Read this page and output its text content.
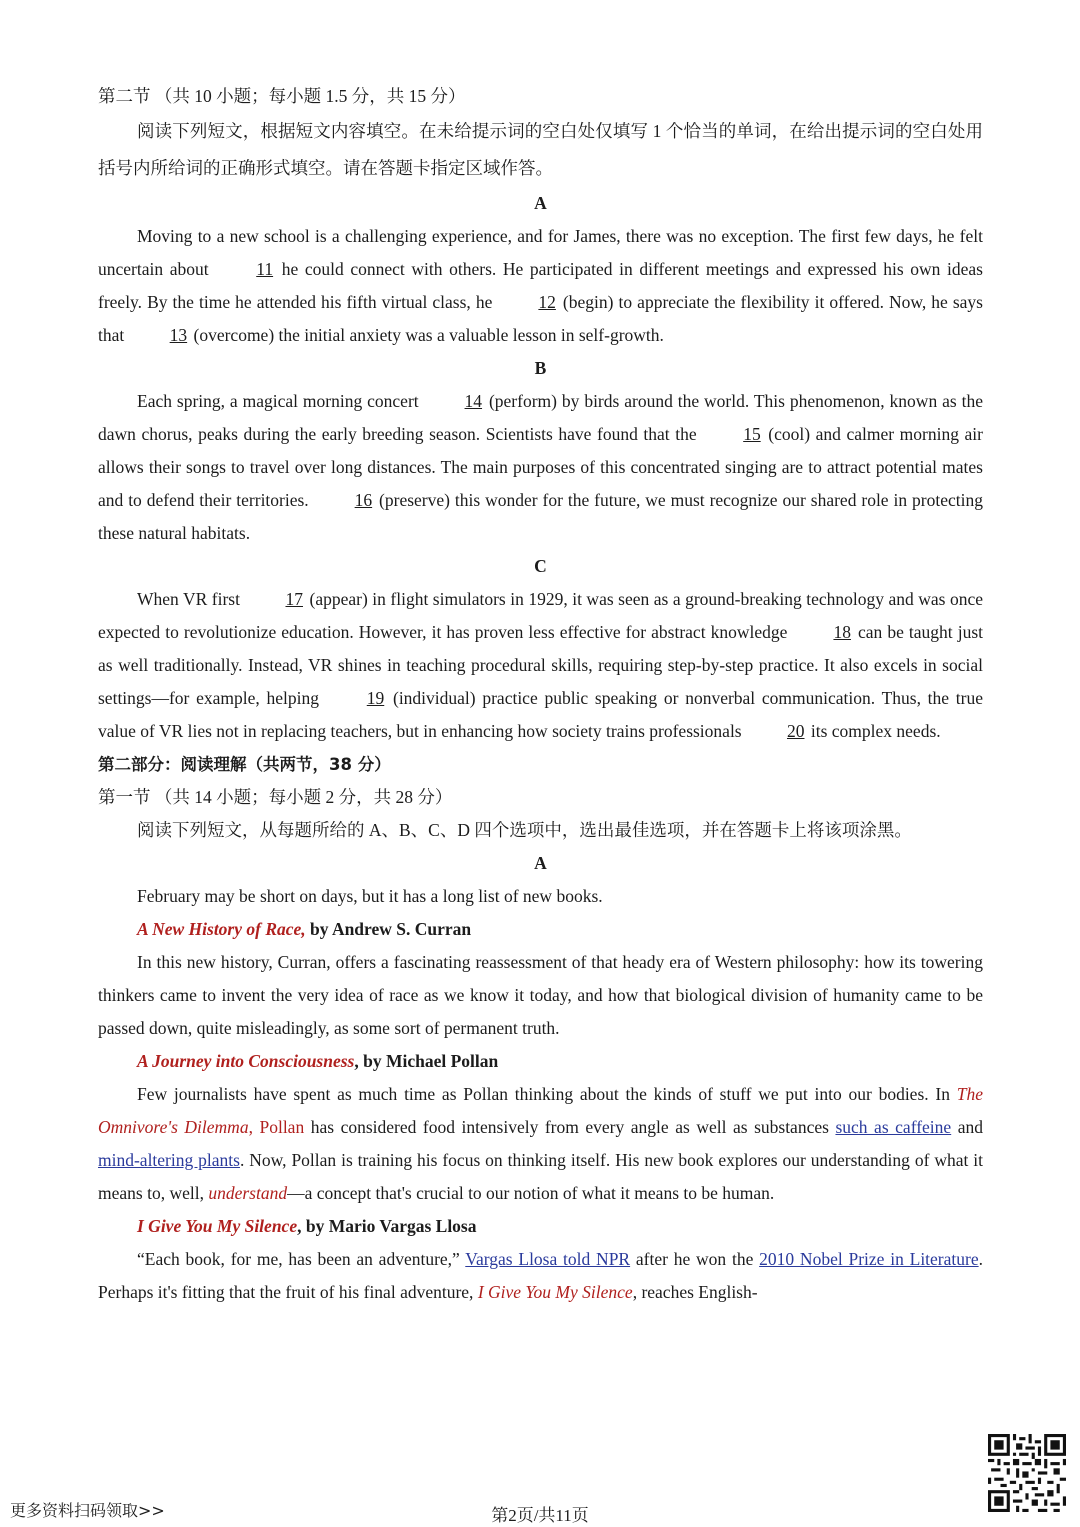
第二节 （共 10 小题；每小题 1.5 分，共 15 分）

阅读下列短文，根据短文内容填空。在未给提示词的空白处仅填写 1 个恰当的单词，在给出提示词的空白处用括号内所给词的正确形式填空。请在答题卡指定区域作答。

A

Moving to a new school is a challenging experience, and for James, there was no exception. The first few days, he felt uncertain about 11 he could connect with others. He participated in different meetings and expressed his own ideas freely. By the time he attended his fifth virtual class, he 12 (begin) to appreciate the flexibility it offered. Now, he says that 13 (overcome) the initial anxiety was a valuable lesson in self-growth.

B

Each spring, a magical morning concert 14 (perform) by birds around the world. This phenomenon, known as the dawn chorus, peaks during the early breeding season. Scientists have found that the 15 (cool) and calmer morning air allows their songs to travel over long distances. The main purposes of this concentrated singing are to attract potential mates and to defend their territories. 16 (preserve) this wonder for the future, we must recognize our shared role in protecting these natural habitats.

C

When VR first 17 (appear) in flight simulators in 1929, it was seen as a ground-breaking technology and was once expected to revolutionize education. However, it has proven less effective for abstract knowledge 18 can be taught just as well traditionally. Instead, VR shines in teaching procedural skills, requiring step-by-step practice. It also excels in social settings—for example, helping 19 (individual) practice public speaking or nonverbal communication. Thus, the true value of VR lies not in replacing teachers, but in enhancing how society trains professionals 20 its complex needs.

第二部分：阅读理解（共两节，38 分）

第一节 （共 14 小题；每小题 2 分，共 28 分）

阅读下列短文，从每题所给的 A、B、C、D 四个选项中，选出最佳选项，并在答题卡上将该项涂黑。

A

February may be short on days, but it has a long list of new books.

A New History of Race, by Andrew S. Curran

In this new history, Curran, offers a fascinating reassessment of that heady era of Western philosophy: how its towering thinkers came to invent the very idea of race as we know it today, and how that biological division of humanity came to be passed down, quite misleadingly, as some sort of permanent truth.

A Journey into Consciousness, by Michael Pollan

Few journalists have spent as much time as Pollan thinking about the kinds of stuff we put into our bodies. In The Omnivore's Dilemma, Pollan has considered food intensively from every angle as well as substances such as caffeine and mind-altering plants. Now, Pollan is training his focus on thinking itself. His new book explores our understanding of what it means to, well, understand—a concept that's crucial to our notion of what it means to be human.

I Give You My Silence, by Mario Vargas Llosa

“Each book, for me, has been an adventure,” Vargas Llosa told NPR after he won the 2010 Nobel Prize in Literature. Perhaps it's fitting that the fruit of his final adventure, I Give You My Silence, reaches English-

更多资料扫码领取>>	第2页/共11页
